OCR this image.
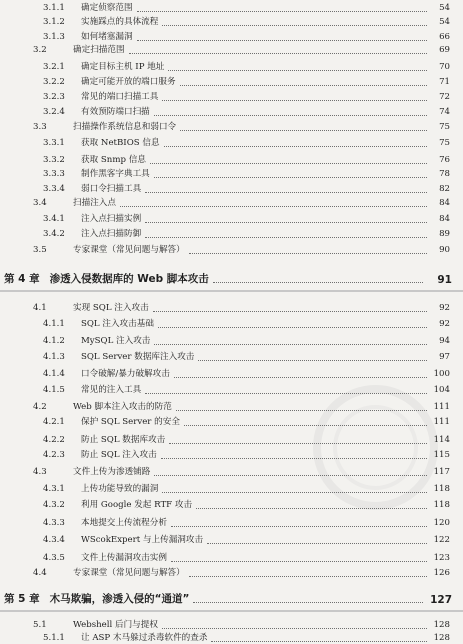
3.1.1	确定侦察范围	54
3.1.2	实施踩点的具体流程	54
3.1.3	如何堵塞漏洞	66
3.2	确定扫描范围	69
3.2.1	确定目标主机 IP 地址	70
3.2.2	确定可能开放的端口服务	71
3.2.3	常见的端口扫描工具	72
3.2.4	有效预防端口扫描	74
3.3	扫描操作系统信息和弱口令	75
3.3.1	获取 NetBIOS 信息	75
3.3.2	获取 Snmp 信息	76
3.3.3	制作黑客字典工具	78
3.3.4	弱口令扫描工具	82
3.4	扫描注入点	84
3.4.1	注入点扫描实例	84
3.4.2	注入点扫描防御	89
3.5	专家课堂（常见问题与解答）	90
第 4 章 渗透入侵数据库的 Web 脚本攻击	91
4.1	实现 SQL 注入攻击	92
4.1.1	SQL 注入攻击基础	92
4.1.2	MySQL 注入攻击	94
4.1.3	SQL Server 数据库注入攻击	97
4.1.4	口令破解/暴力破解攻击	100
4.1.5	常见的注入工具	104
4.2	Web 脚本注入攻击的防范	111
4.2.1	保护 SQL Server 的安全	111
4.2.2	防止 SQL 数据库攻击	114
4.2.3	防止 SQL 注入攻击	115
4.3	文件上传为渗透铺路	117
4.3.1	上传功能导致的漏洞	118
4.3.2	利用 Google 发起 RTF 攻击	118
4.3.3	本地提交上传流程分析	120
4.3.4	WScokExpert 与上传漏洞攻击	122
4.3.5	文件上传漏洞攻击实例	123
4.4	专家课堂（常见问题与解答）	126
第 5 章 木马欺骗，渗透入侵的“通道”	127
5.1	Webshell 后门与提权	128
5.1.1	让 ASP 木马躲过杀毒软件的查杀	128
